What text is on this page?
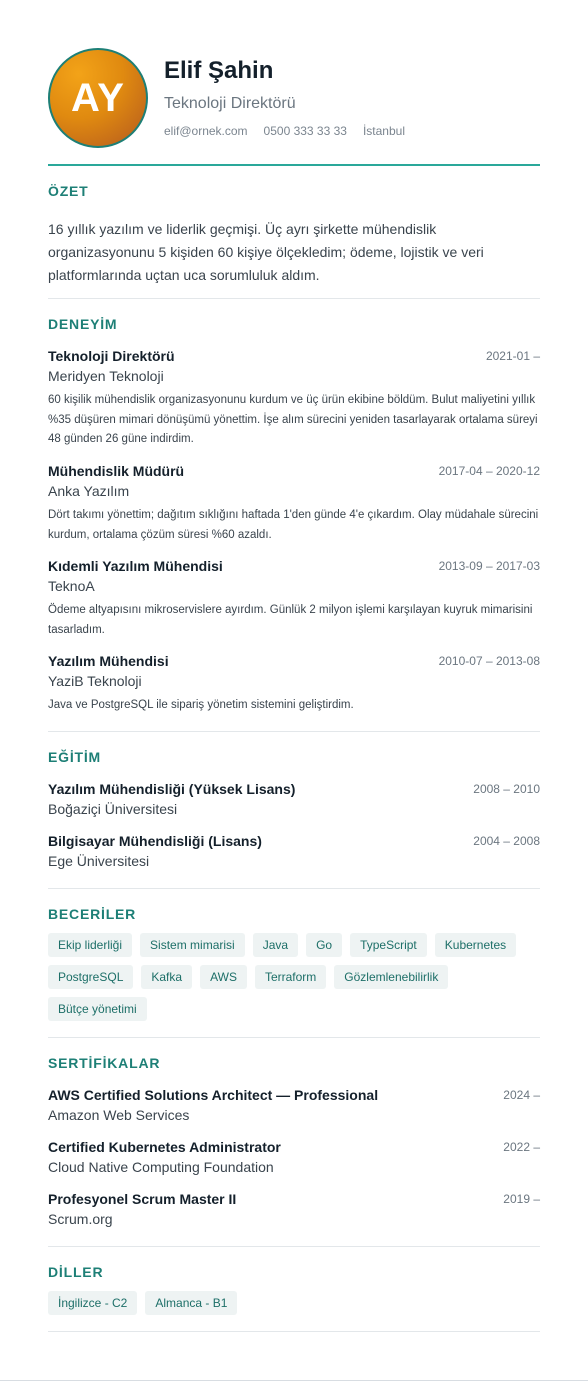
AY
Elif Şahin
Teknoloji Direktörü
elif@ornek.com 0500 333 33 33 İstanbul
ÖZET
16 yıllık yazılım ve liderlik geçmişi. Üç ayrı şirkette mühendislik organizasyonunu 5 kişiden 60 kişiye ölçekledim; ödeme, lojistik ve veri platformlarında uçtan uca sorumluluk aldım.
DENEYİM
Teknoloji Direktörü	2021-01 –
Meridyen Teknoloji
60 kişilik mühendislik organizasyonunu kurdum ve üç ürün ekibine böldüm. Bulut maliyetini yıllık %35 düşüren mimari dönüşümü yönettim. İşe alım sürecini yeniden tasarlayarak ortalama süreyi 48 günden 26 güne indirdim.
Mühendislik Müdürü	2017-04 – 2020-12
Anka Yazılım
Dört takımı yönettim; dağıtım sıklığını haftada 1'den günde 4'e çıkardım. Olay müdahale sürecini kurdum, ortalama çözüm süresi %60 azaldı.
Kıdemli Yazılım Mühendisi	2013-09 – 2017-03
TeknoA
Ödeme altyapısını mikroservislere ayırdım. Günlük 2 milyon işlemi karşılayan kuyruk mimarisini tasarladım.
Yazılım Mühendisi	2010-07 – 2013-08
YaziB Teknoloji
Java ve PostgreSQL ile sipariş yönetim sistemini geliştirdim.
EĞİTİM
Yazılım Mühendisliği (Yüksek Lisans)	2008 – 2010
Boğaziçi Üniversitesi
Bilgisayar Mühendisliği (Lisans)	2004 – 2008
Ege Üniversitesi
BECERİLER
Ekip liderliği	Sistem mimarisi	Java	Go	TypeScript	Kubernetes
PostgreSQL	Kafka	AWS	Terraform	Gözlemlenebilirlik
Bütçe yönetimi
SERTİFİKALAR
AWS Certified Solutions Architect — Professional	2024 –
Amazon Web Services
Certified Kubernetes Administrator	2022 –
Cloud Native Computing Foundation
Profesyonel Scrum Master II	2019 –
Scrum.org
DİLLER
İngilizce - C2	Almanca - B1
